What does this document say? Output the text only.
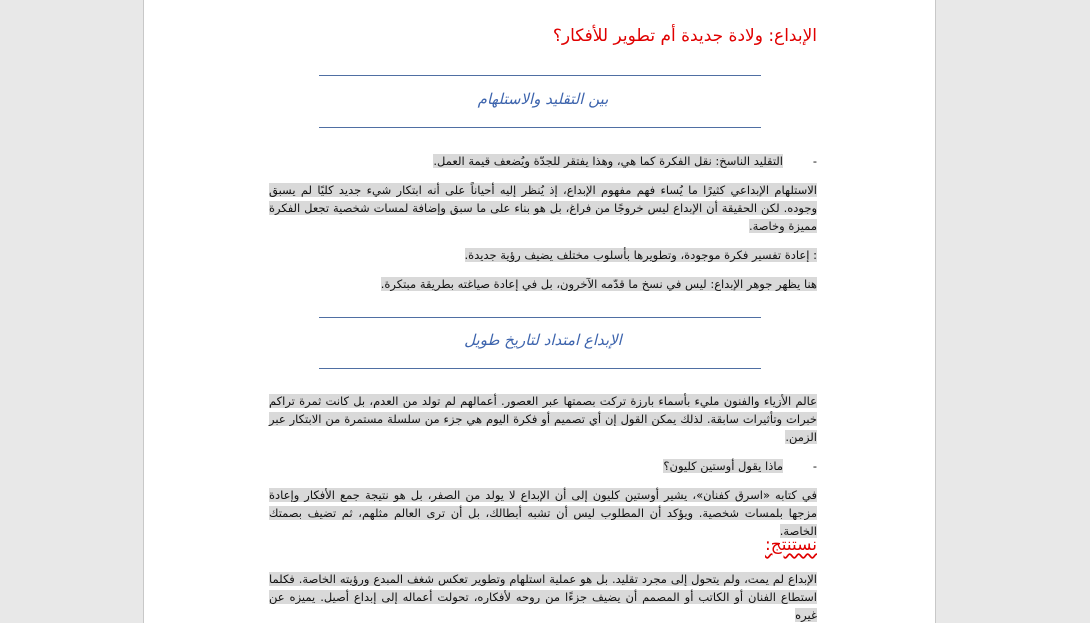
الإبداع: ولادة جديدة أم تطوير للأفكار؟
بين التقليد والاستلهام
-التقليد الناسخ: نقل الفكرة كما هي، وهذا يفتقر للجدّة ويُضعف قيمة العمل.
الاستلهام الإبداعي كثيرًا ما يُساء فهم مفهوم الإبداع، إذ يُنظر إليه أحياناً على أنه ابتكار شيء جديد كليًا لم يسبق وجوده. لكن الحقيقة أن الإبداع ليس خروجًا من فراغ، بل هو بناء على ما سبق وإضافة لمسات شخصية تجعل الفكرة مميزة وخاصة.
: إعادة تفسير فكرة موجودة، وتطويرها بأسلوب مختلف يضيف رؤية جديدة.
هنا يظهر جوهر الإبداع: ليس في نسخ ما قدّمه الآخرون، بل في إعادة صياغته بطريقة مبتكرة.
الإبداع امتداد لتاريخ طويل
عالم الأزياء والفنون مليء بأسماء بارزة تركت بصمتها عبر العصور. أعمالهم لم تولد من العدم، بل كانت ثمرة تراكم خبرات وتأثيرات سابقة. لذلك يمكن القول إن أي تصميم أو فكرة اليوم هي جزء من سلسلة مستمرة من الابتكار عبر الزمن.
-ماذا يقول أوستين كليون؟
في كتابه «اسرق كفنان»، يشير أوستين كليون إلى أن الإبداع لا يولد من الصفر، بل هو نتيجة جمع الأفكار وإعادة مزجها بلمسات شخصية. ويؤكد أن المطلوب ليس أن تشبه أبطالك، بل أن ترى العالم مثلهم، ثم تضيف بصمتك الخاصة.
نستنتج:
الإبداع لم يمت، ولم يتحول إلى مجرد تقليد. بل هو عملية استلهام وتطوير تعكس شغف المبدع ورؤيته الخاصة. فكلما استطاع الفنان أو الكاتب أو المصمم أن يضيف جزءًا من روحه لأفكاره، تحولت أعماله إلى إبداع أصيل. يميزه عن غيره
